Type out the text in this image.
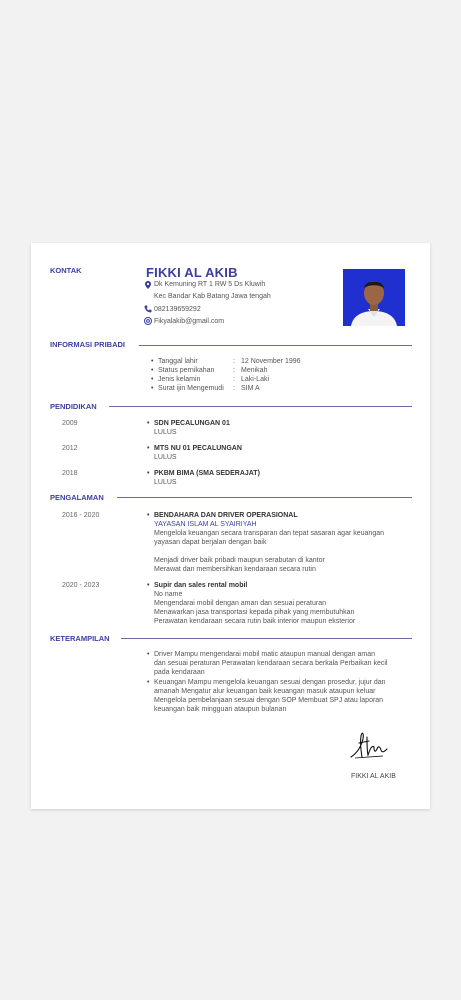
KONTAK	FIKKI AL AKIB
Dk Kemuning RT 1 RW 5 Ds Kluwih
Kec Bandar Kab Batang Jawa tengah
082139659292
Fikyalakib@gmail.com
INFORMASI PRIBADI
• Tanggal lahir	: 12 November 1996
• Status pernikahan	: Menikah
• Jenis kelamin	: Laki-Laki
• Surat ijin Mengemudi : SIM A
PENDIDIKAN
2009	• SDN PECALUNGAN 01
LULUS
2012	• MTS NU 01 PECALUNGAN
LULUS
2018	• PKBM BIMA (SMA SEDERAJAT)
LULUS
PENGALAMAN
2016 - 2020	• BENDAHARA DAN DRIVER OPERASIONAL
YAYASAN ISLAM AL SYAIRIYAH
Mengelola keuangan secara transparan dan tepat sasaran agar keuangan
yayasan dapat berjalan dengan baik
Menjadi driver baik pribadi maupun serabutan di kantor
Merawat dan membersihkan kendaraan secara rutin
2020 - 2023	• Supir dan sales rental mobil
No name
Mengendarai mobil dengan aman dan sesuai peraturan
Menawarkan jasa transportasi kepada pihak yang membutuhkan
Perawatan kendaraan secara rutin baik interior maupun eksterior
KETERAMPILAN
• Driver Mampu mengendarai mobil matic ataupun manual dengan aman
dan sesuai peraturan Perawatan kendaraan secara berkala Perbaikan kecil
pada kendaraan
• Keuangan Mampu mengelola keuangan sesuai dengan prosedur, jujur dan
amanah Mengatur alur keuangan baik keuangan masuk ataupun keluar
Mengelola pembelanjaan sesuai dengan SOP Membuat SPJ atau laporan
keuangan baik mingguan ataupun bulanan
FIKKI AL AKIB
